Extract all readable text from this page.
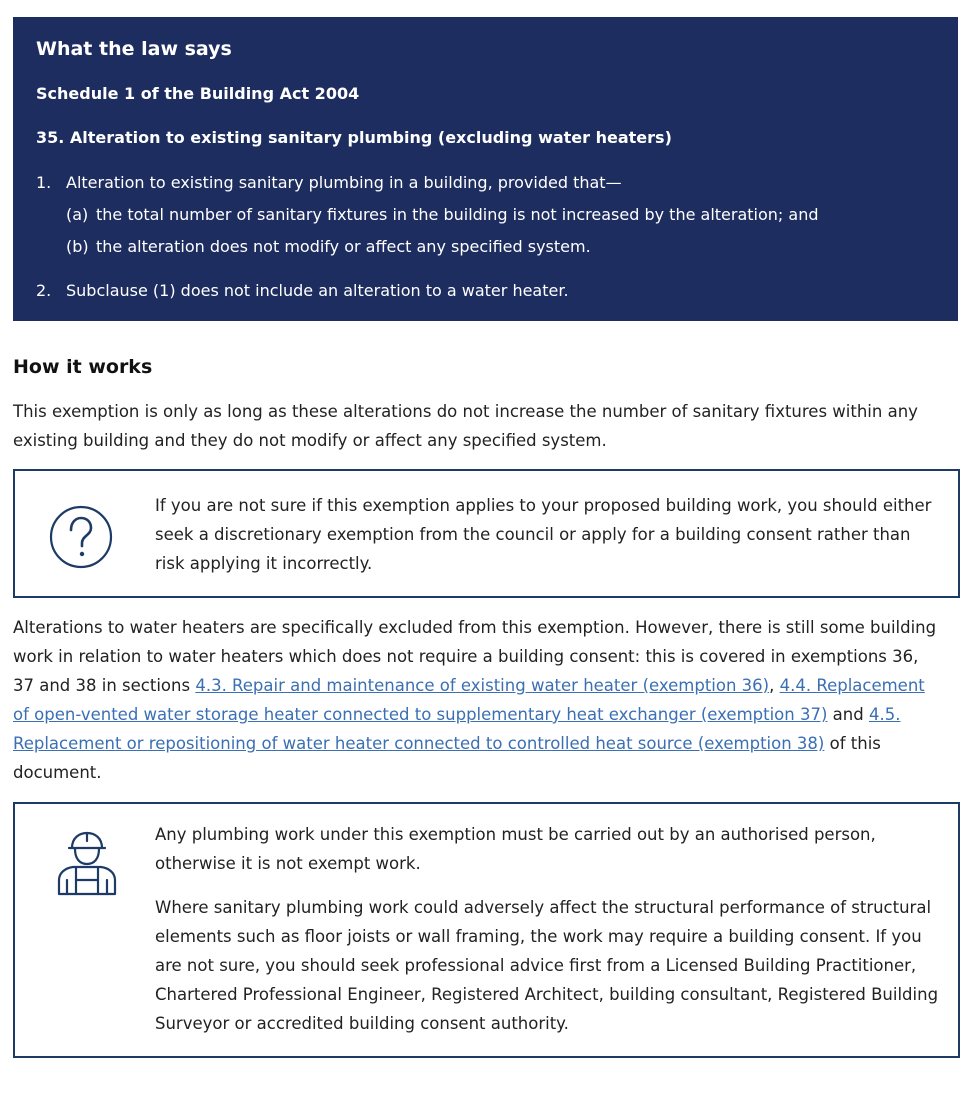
What the law says
Schedule 1 of the Building Act 2004
35. Alteration to existing sanitary plumbing (excluding water heaters)
1. Alteration to existing sanitary plumbing in a building, provided that—
(a) the total number of sanitary fixtures in the building is not increased by the alteration; and
(b) the alteration does not modify or affect any specified system.
2. Subclause (1) does not include an alteration to a water heater.
How it works

This exemption is only as long as these alterations do not increase the number of sanitary fixtures within any existing building and they do not modify or affect any specified system.

If you are not sure if this exemption applies to your proposed building work, you should either seek a discretionary exemption from the council or apply for a building consent rather than risk applying it incorrectly.

Alterations to water heaters are specifically excluded from this exemption. However, there is still some building work in relation to water heaters which does not require a building consent: this is covered in exemptions 36, 37 and 38 in sections 4.3. Repair and maintenance of existing water heater (exemption 36), 4.4. Replacement of open-vented water storage heater connected to supplementary heat exchanger (exemption 37) and 4.5. Replacement or repositioning of water heater connected to controlled heat source (exemption 38) of this document.

Any plumbing work under this exemption must be carried out by an authorised person, otherwise it is not exempt work.

Where sanitary plumbing work could adversely affect the structural performance of structural elements such as floor joists or wall framing, the work may require a building consent. If you are not sure, you should seek professional advice first from a Licensed Building Practitioner, Chartered Professional Engineer, Registered Architect, building consultant, Registered Building Surveyor or accredited building consent authority.
